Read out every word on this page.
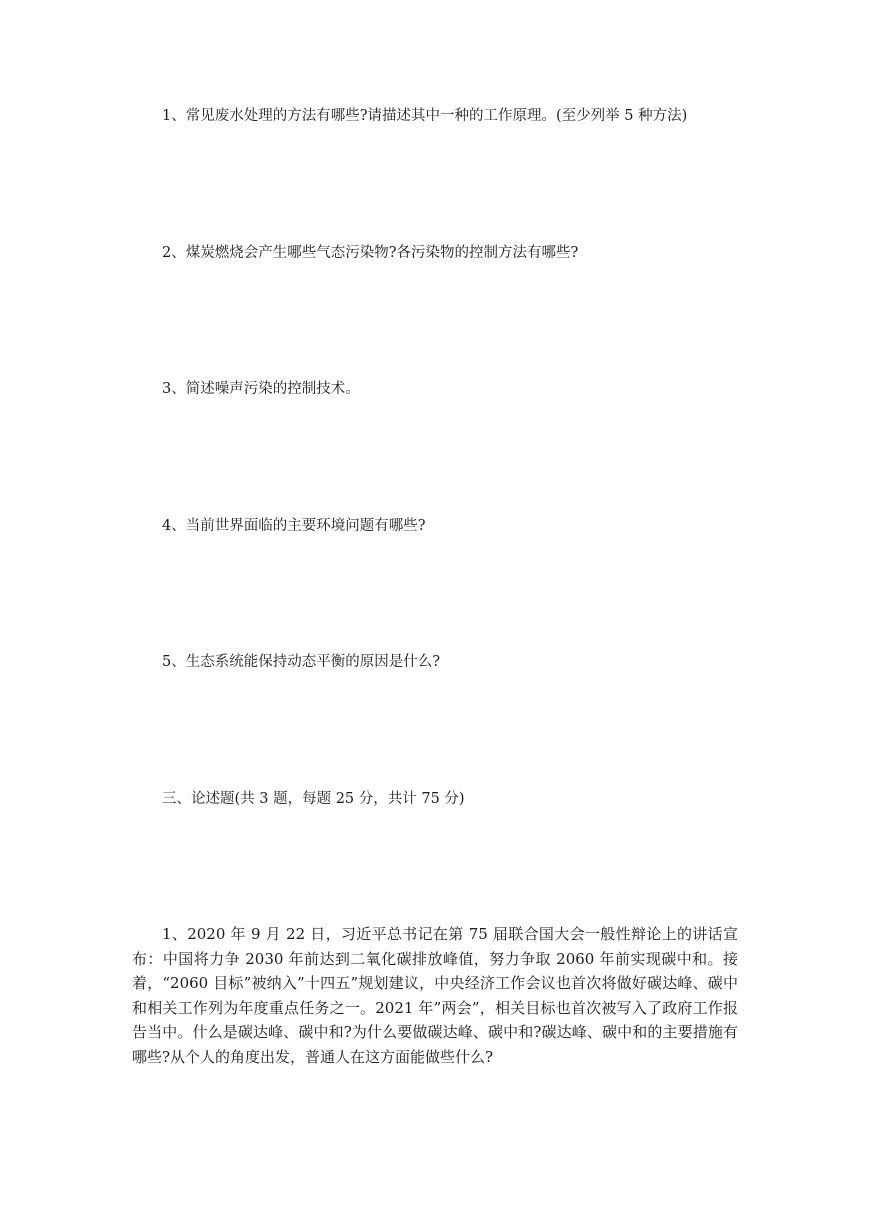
1、常见废水处理的方法有哪些?请描述其中一种的工作原理。(至少列举 5 种方法)

2、煤炭燃烧会产生哪些气态污染物?各污染物的控制方法有哪些?

3、简述噪声污染的控制技术。

4、当前世界面临的主要环境问题有哪些?

5、生态系统能保持动态平衡的原因是什么?

三、论述题(共 3 题，每题 25 分，共计 75 分)

1、2020 年 9 月 22 日，习近平总书记在第 75 届联合国大会一般性辩论上的讲话宣布：中国将力争 2030 年前达到二氧化碳排放峰值，努力争取 2060 年前实现碳中和。接着，“2060 目标”被纳入”十四五”规划建议，中央经济工作会议也首次将做好碳达峰、碳中和相关工作列为年度重点任务之一。2021 年”两会”，相关目标也首次被写入了政府工作报告当中。什么是碳达峰、碳中和?为什么要做碳达峰、碳中和?碳达峰、碳中和的主要措施有哪些?从个人的角度出发，普通人在这方面能做些什么?
